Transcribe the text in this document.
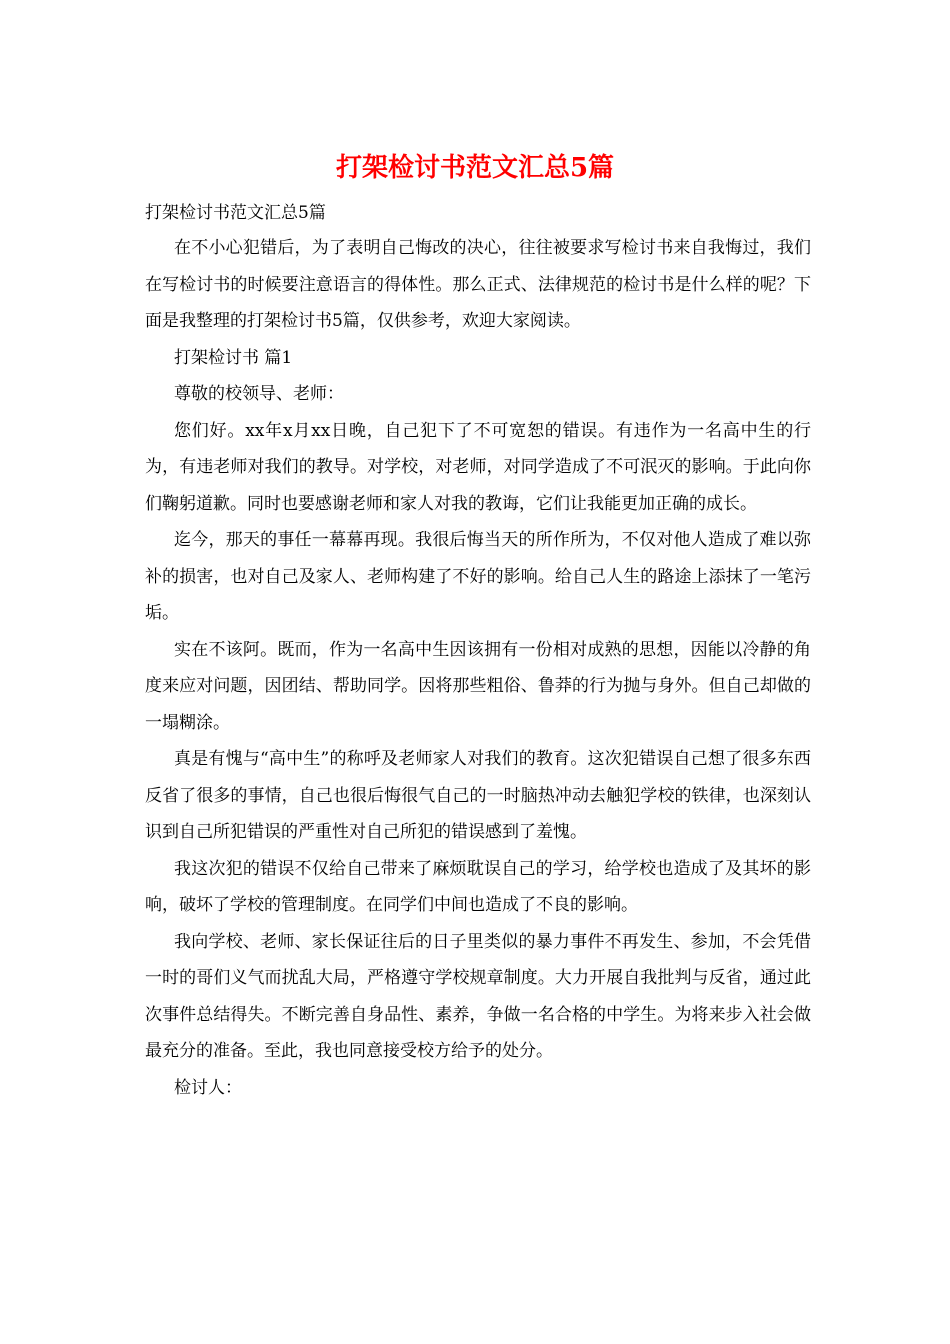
打架检讨书范文汇总5篇
打架检讨书范文汇总5篇

在不小心犯错后，为了表明自己悔改的决心，往往被要求写检讨书来自我悔过，我们在写检讨书的时候要注意语言的得体性。那么正式、法律规范的检讨书是什么样的呢？下面是我整理的打架检讨书5篇，仅供参考，欢迎大家阅读。

打架检讨书 篇1

尊敬的校领导、老师：

您们好。xx年x月xx日晚，自己犯下了不可宽恕的错误。有违作为一名高中生的行为，有违老师对我们的教导。对学校，对老师，对同学造成了不可泯灭的影响。于此向你们鞠躬道歉。同时也要感谢老师和家人对我的教诲，它们让我能更加正确的成长。

迄今，那天的事任一幕幕再现。我很后悔当天的所作所为，不仅对他人造成了难以弥补的损害，也对自己及家人、老师构建了不好的影响。给自己人生的路途上添抹了一笔污垢。

实在不该阿。既而，作为一名高中生因该拥有一份相对成熟的思想，因能以冷静的角度来应对问题，因团结、帮助同学。因将那些粗俗、鲁莽的行为抛与身外。但自己却做的一塌糊涂。

真是有愧与“高中生”的称呼及老师家人对我们的教育。这次犯错误自己想了很多东西反省了很多的事情，自己也很后悔很气自己的一时脑热冲动去触犯学校的铁律，也深刻认识到自己所犯错误的严重性对自己所犯的错误感到了羞愧。

我这次犯的错误不仅给自己带来了麻烦耽误自己的学习，给学校也造成了及其坏的影响，破坏了学校的管理制度。在同学们中间也造成了不良的影响。

我向学校、老师、家长保证往后的日子里类似的暴力事件不再发生、参加，不会凭借一时的哥们义气而扰乱大局，严格遵守学校规章制度。大力开展自我批判与反省，通过此次事件总结得失。不断完善自身品性、素养，争做一名合格的中学生。为将来步入社会做最充分的准备。至此，我也同意接受校方给予的处分。

检讨人：
